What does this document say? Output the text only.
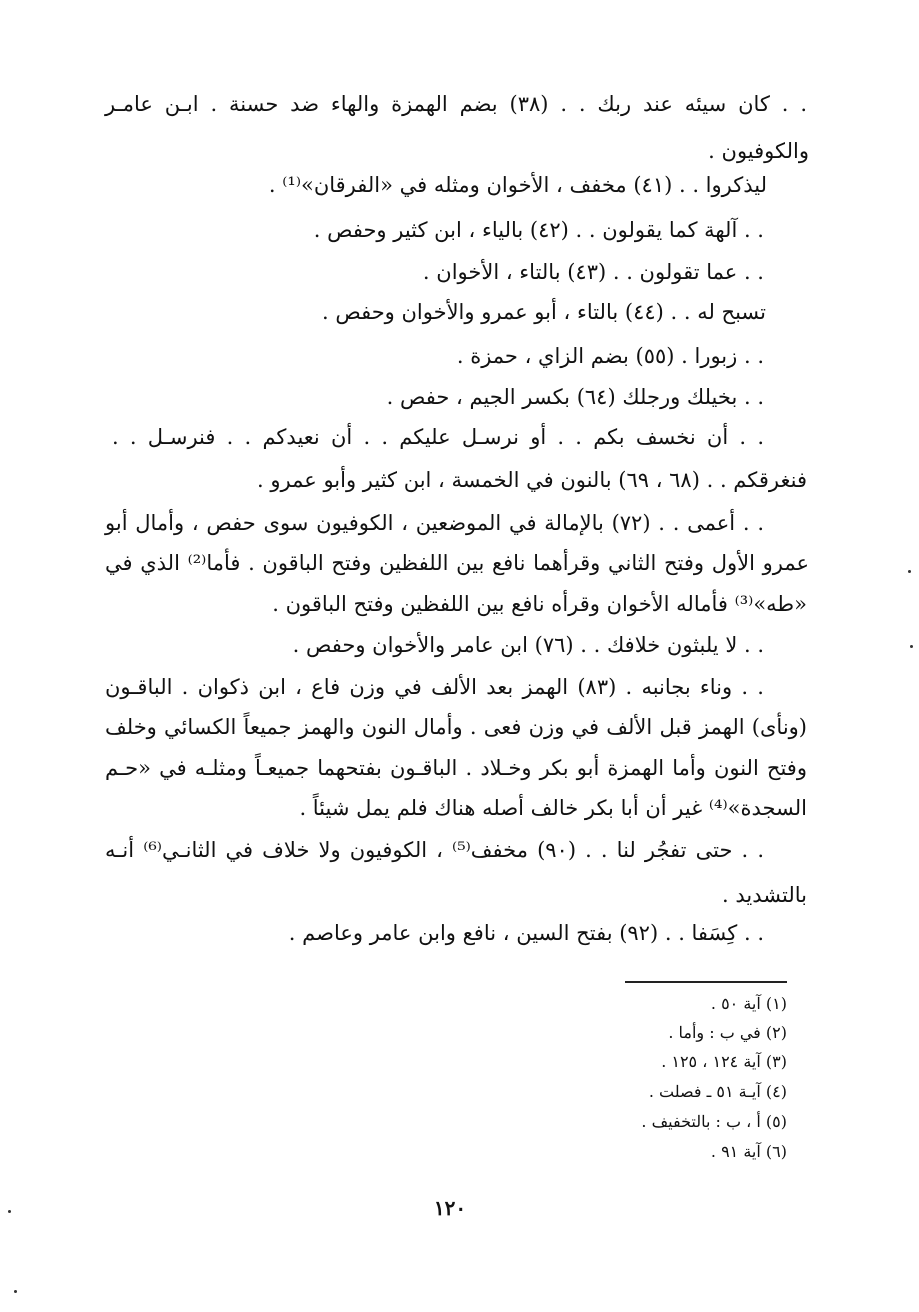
. . كان سيئه عند ربك . . (٣٨) بضم الهمزة والهاء ضد حسنة . ابـن عامـر
والكوفيون .
ليذكروا . . (٤١) مخفف ، الأخوان ومثله في «الفرقان»⁽¹⁾ .
. . آلهة كما يقولون . . (٤٢) بالياء ، ابن كثير وحفص .
. . عما تقولون . . (٤٣) بالتاء ، الأخوان .
تسبح له . . (٤٤) بالتاء ، أبو عمرو والأخوان وحفص .
. . زبورا . (٥٥) بضم الزاي ، حمزة .
. . بخيلك ورجلك (٦٤) بكسر الجيم ، حفص .
. . أن نخسف بكم . . أو نرسـل عليكم . . أن نعيدكم . . فنرسـل . .
فنغرقكم . . (٦٨ ، ٦٩) بالنون في الخمسة ، ابن كثير وأبو عمرو .
. . أعمى . . (٧٢) بالإمالة في الموضعين ، الكوفيون سوى حفص ، وأمال أبو
عمرو الأول وفتح الثاني وقرأهما نافع بين اللفظين وفتح الباقون . فأما⁽²⁾ الذي في
«طه»⁽³⁾ فأماله الأخوان وقرأه نافع بين اللفظين وفتح الباقون .
. . لا يلبثون خلافك . . (٧٦) ابن عامر والأخوان وحفص .
. . وناء بجانبه . (٨٣) الهمز بعد الألف في وزن فاع ، ابن ذكوان . الباقـون
(ونأى) الهمز قبل الألف في وزن فعى . وأمال النون والهمز جميعاً الكسائي وخلف
وفتح النون وأما الهمزة أبو بكر وخـلاد . الباقـون بفتحهما جميعـاً ومثلـه في «حـم
السجدة»⁽⁴⁾ غير أن أبا بكر خالف أصله هناك فلم يمل شيئاً .
. . حتى تفجُر لنا . . (٩٠) مخفف⁽⁵⁾ ، الكوفيون ولا خلاف في الثانـي⁽⁶⁾ أنـه
بالتشديد .
. . كِسَفا . . (٩٢) بفتح السين ، نافع وابن عامر وعاصم .
(١) آية ٥٠ .
(٢) في ب : وأما .
(٣) آية ١٢٤ ، ١٢٥ .
(٤) آيـة ٥١ ـ فصلت .
(٥) أ ، ب : بالتخفيف .
(٦) آية ٩١ .
١٢٠
